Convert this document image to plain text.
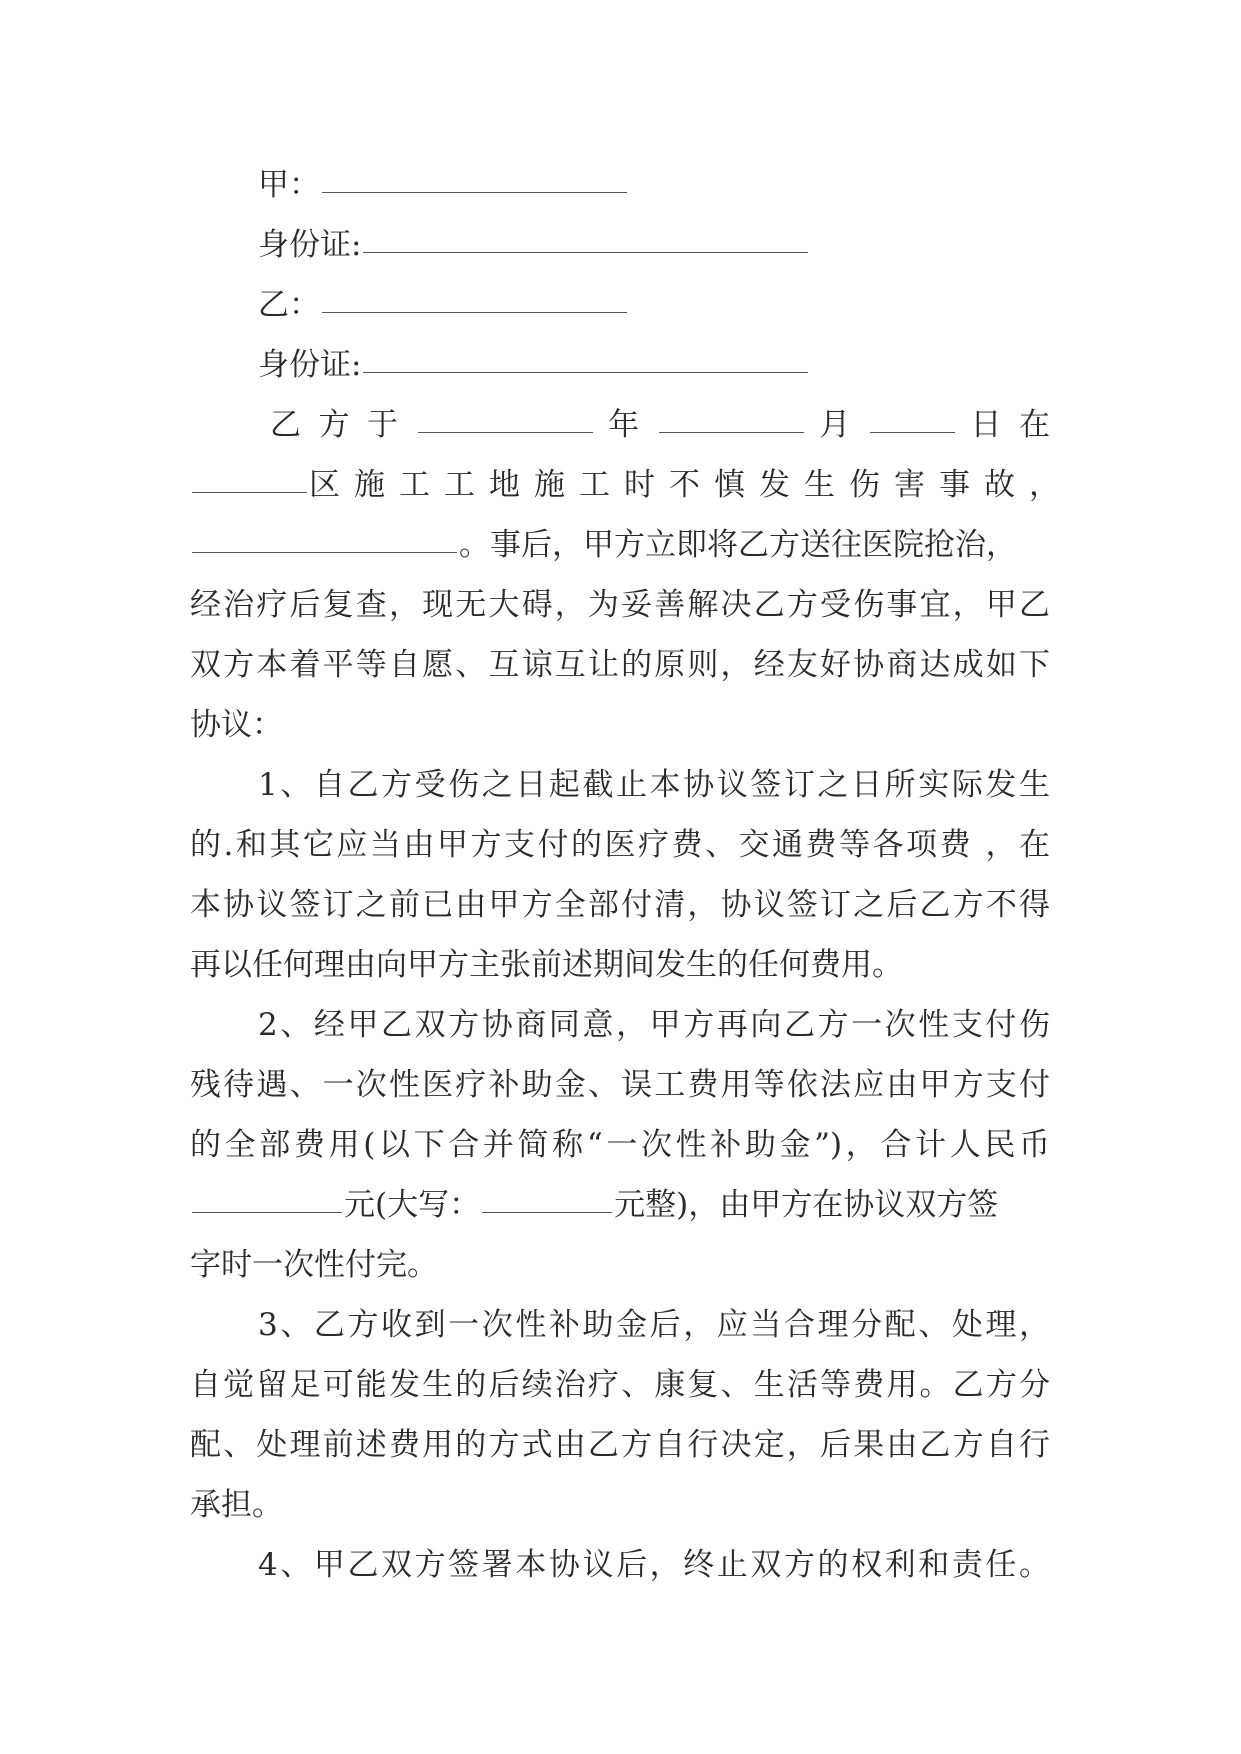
甲：
身份证:
乙：
身份证:
乙 方 于	年	月	日 在
区施工工地施工时不慎发生伤害事故，
。事后，甲方立即将乙方送往医院抢治，
经治疗后复查，现无大碍，为妥善解决乙方受伤事宜，甲乙
双方本着平等自愿、互谅互让的原则，经友好协商达成如下
协议：
1、自乙方受伤之日起截止本协议签订之日所实际发生
的.和其它应当由甲方支付的医疗费、交通费等各项费 ，在
本协议签订之前已由甲方全部付清，协议签订之后乙方不得
再以任何理由向甲方主张前述期间发生的任何费用。
2、经甲乙双方协商同意，甲方再向乙方一次性支付伤
残待遇、一次性医疗补助金、误工费用等依法应由甲方支付
的全部费用(以下合并简称“一次性补助金”)，合计人民币
元(大写：	元整)，由甲方在协议双方签
字时一次性付完。
3、乙方收到一次性补助金后，应当合理分配、处理，
自觉留足可能发生的后续治疗、康复、生活等费用。乙方分
配、处理前述费用的方式由乙方自行决定，后果由乙方自行
承担。
4、甲乙双方签署本协议后，终止双方的权利和责任。
